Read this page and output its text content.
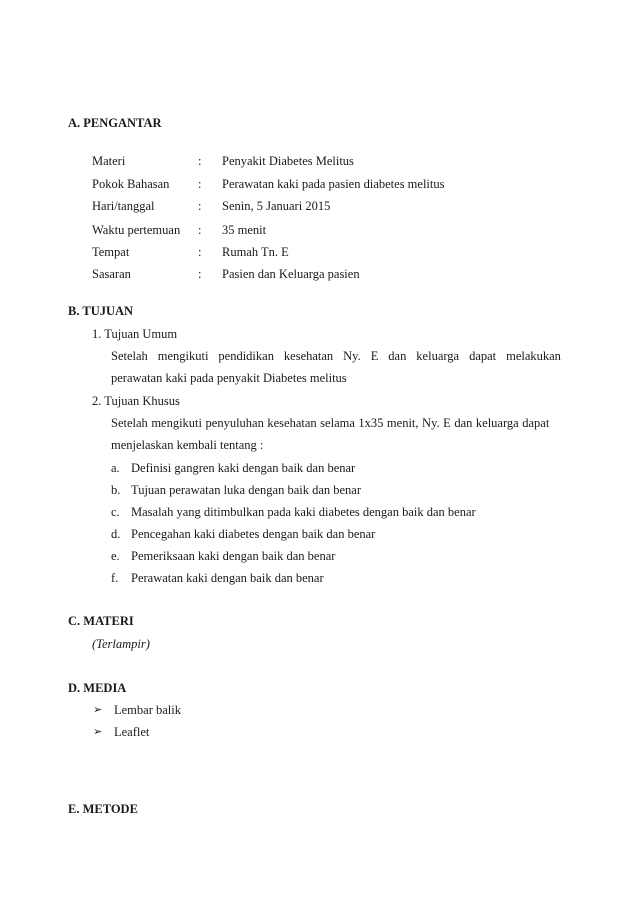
A. PENGANTAR
Materi	: Penyakit Diabetes Melitus
Pokok Bahasan : Perawatan kaki pada pasien diabetes melitus
Hari/tanggal	: Senin, 5 Januari 2015
Waktu pertemuan : 35 menit
Tempat	: Rumah Tn. E
Sasaran	: Pasien dan Keluarga pasien
B. TUJUAN
1. Tujuan Umum
Setelah mengikuti pendidikan kesehatan Ny. E dan keluarga dapat melakukan
perawatan kaki pada penyakit Diabetes melitus
2. Tujuan Khusus
Setelah mengikuti penyuluhan kesehatan selama 1x35 menit, Ny. E dan keluarga dapat
menjelaskan kembali tentang :
a. Definisi gangren kaki dengan baik dan benar
b. Tujuan perawatan luka dengan baik dan benar
c. Masalah yang ditimbulkan pada kaki diabetes dengan baik dan benar
d. Pencegahan kaki diabetes dengan baik dan benar
e. Pemeriksaan kaki dengan baik dan benar
f. Perawatan kaki dengan baik dan benar
C. MATERI
(Terlampir)
D. MEDIA
➢ Lembar balik
➢ Leaflet
E. METODE
